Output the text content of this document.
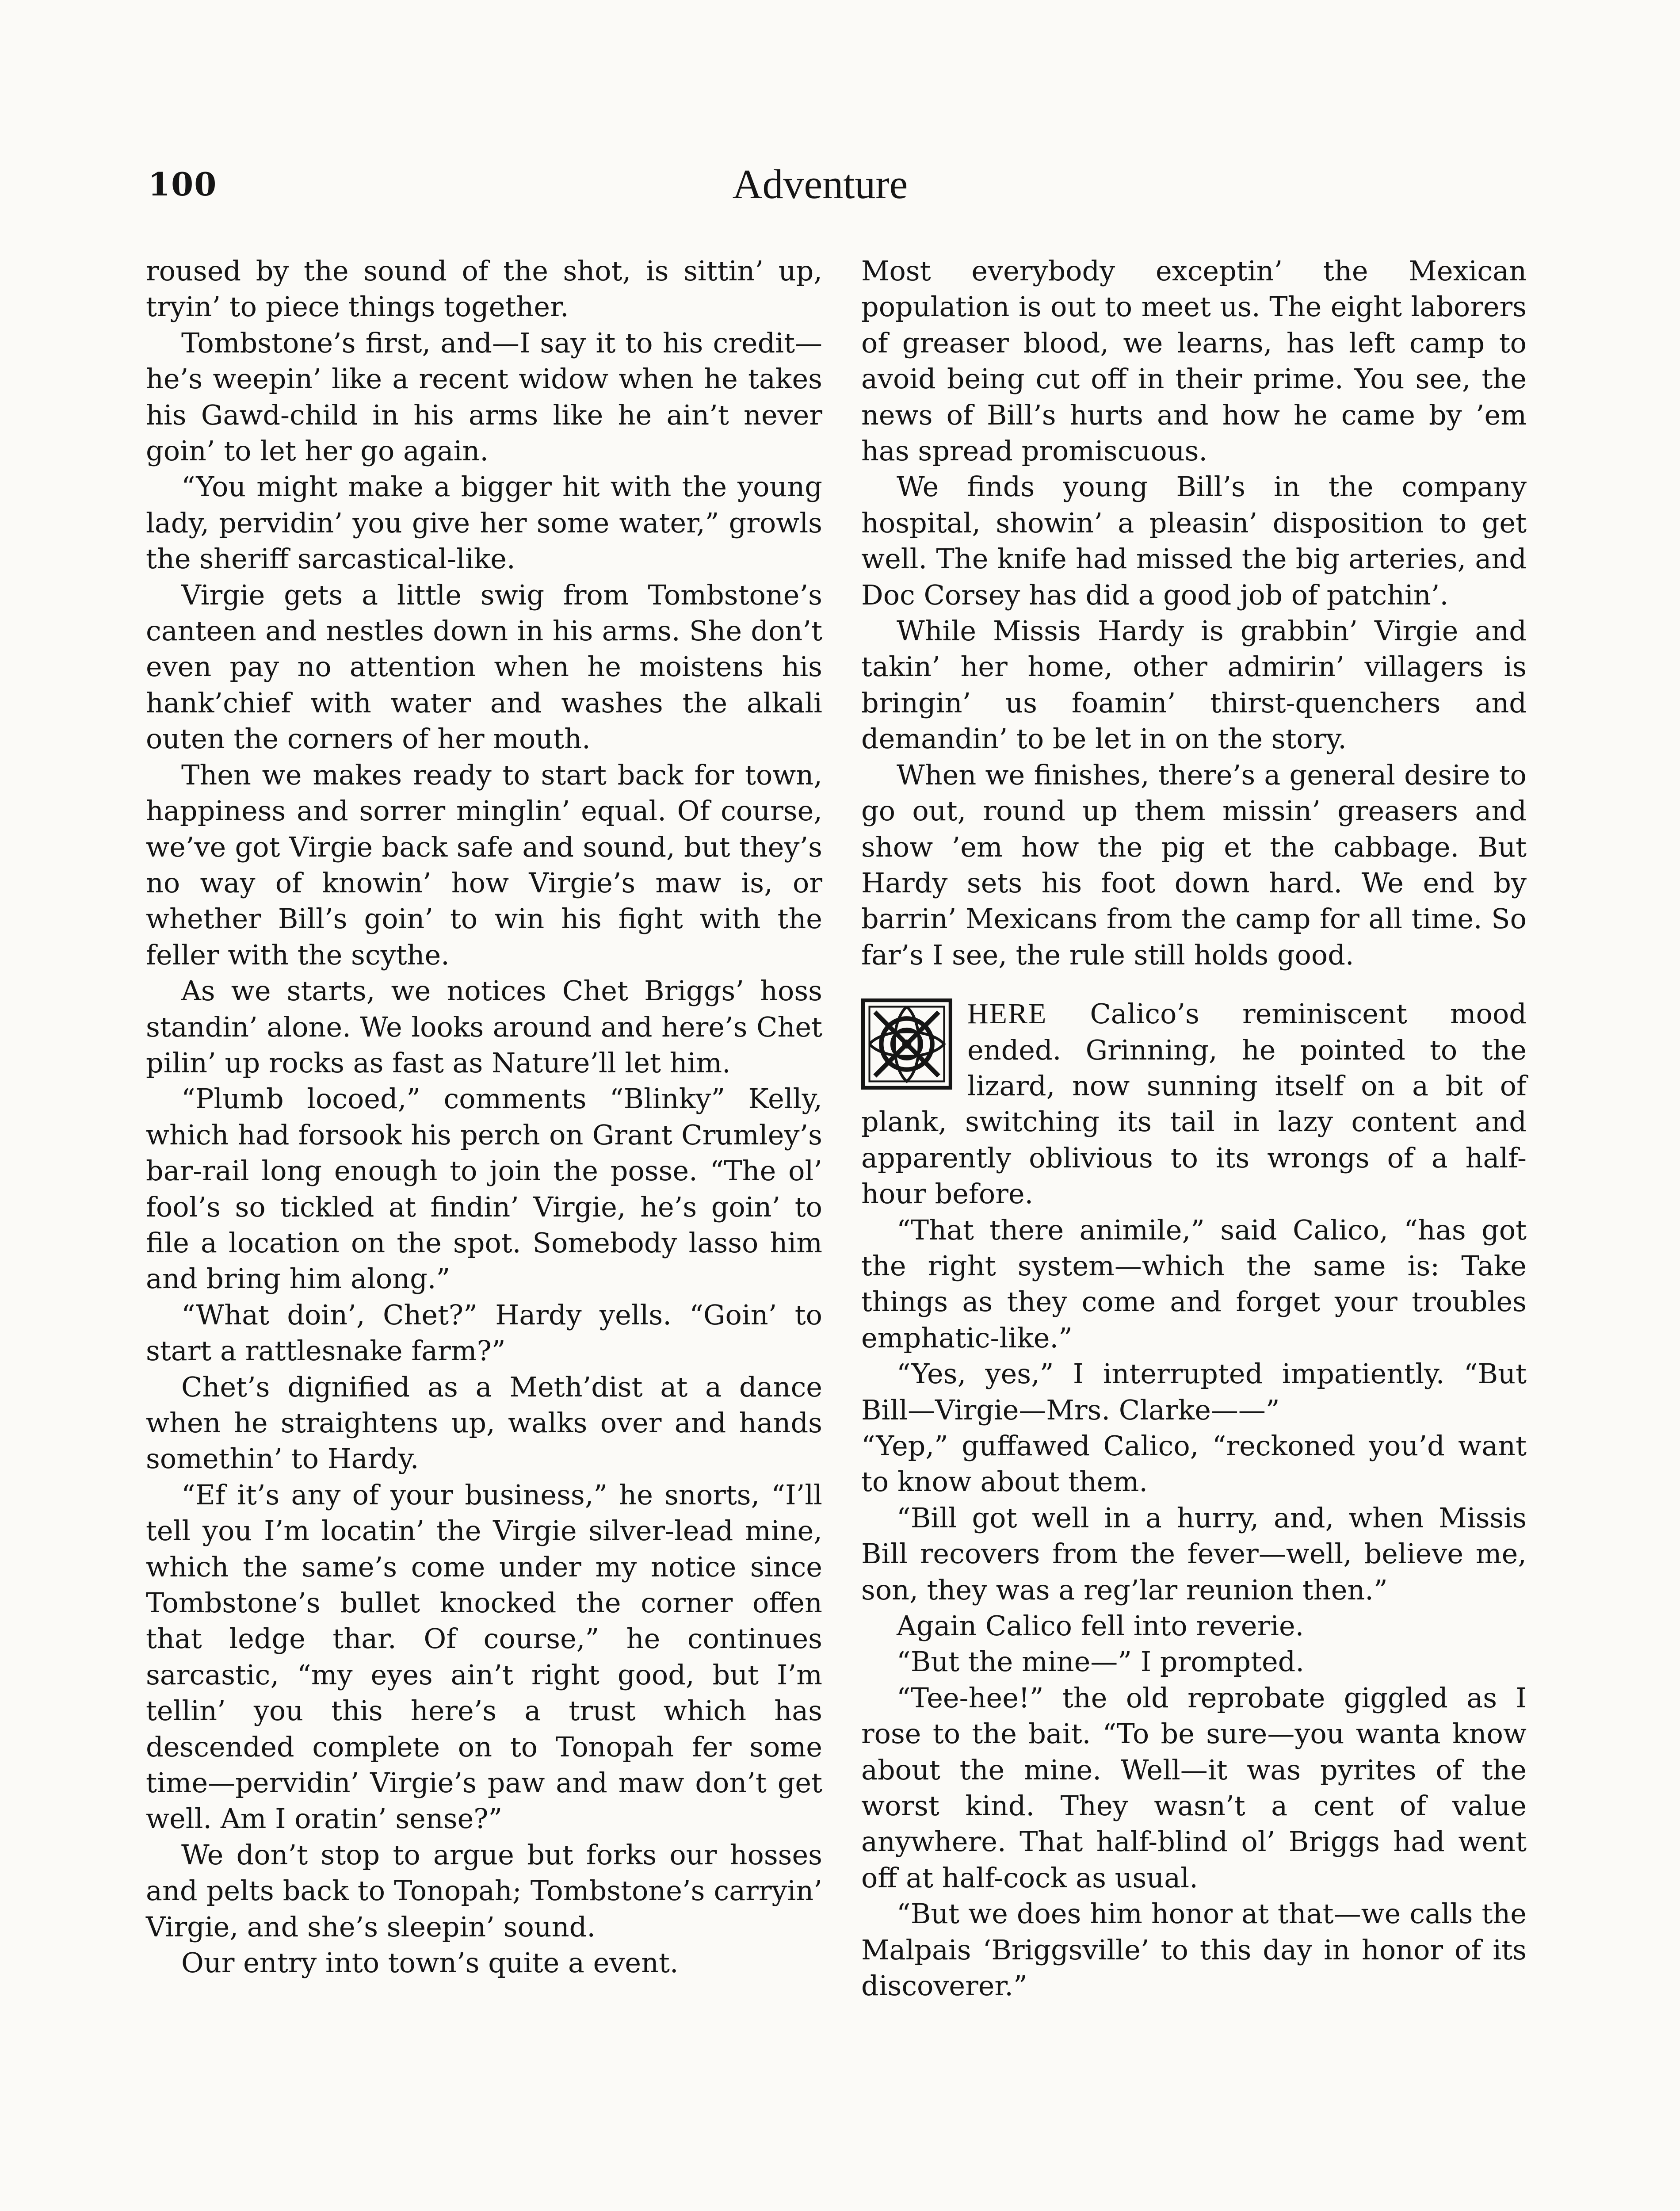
100	Adventure

roused by the sound of the shot, is sittin’ up, tryin’ to piece things together.

Tombstone’s first, and—I say it to his credit—he’s weepin’ like a recent widow when he takes his Gawd-child in his arms like he ain’t never goin’ to let her go again.

“You might make a bigger hit with the young lady, pervidin’ you give her some water,” growls the sheriff sarcastical-like.

Virgie gets a little swig from Tombstone’s canteen and nestles down in his arms. She don’t even pay no attention when he moistens his hank’chief with water and washes the alkali outen the corners of her mouth.

Then we makes ready to start back for town, happiness and sorrer minglin’ equal. Of course, we’ve got Virgie back safe and sound, but they’s no way of knowin’ how Virgie’s maw is, or whether Bill’s goin’ to win his fight with the feller with the scythe.

As we starts, we notices Chet Briggs’ hoss standin’ alone. We looks around and here’s Chet pilin’ up rocks as fast as Nature’ll let him.

“Plumb locoed,” comments “Blinky” Kelly, which had forsook his perch on Grant Crumley’s bar-rail long enough to join the posse. “The ol’ fool’s so tickled at findin’ Virgie, he’s goin’ to file a location on the spot. Somebody lasso him and bring him along.”

“What doin’, Chet?” Hardy yells. “Goin’ to start a rattlesnake farm?”

Chet’s dignified as a Meth’dist at a dance when he straightens up, walks over and hands somethin’ to Hardy.

“Ef it’s any of your business,” he snorts, “I’ll tell you I’m locatin’ the Virgie silver-lead mine, which the same’s come under my notice since Tombstone’s bullet knocked the corner offen that ledge thar. Of course,” he continues sarcastic, “my eyes ain’t right good, but I’m tellin’ you this here’s a trust which has descended complete on to Tonopah fer some time—pervidin’ Virgie’s paw and maw don’t get well. Am I oratin’ sense?”

We don’t stop to argue but forks our hosses and pelts back to Tonopah; Tombstone’s carryin’ Virgie, and she’s sleepin’ sound.

Our entry into town’s quite a event.

Most everybody exceptin’ the Mexican population is out to meet us. The eight laborers of greaser blood, we learns, has left camp to avoid being cut off in their prime. You see, the news of Bill’s hurts and how he came by ’em has spread promiscuous.

We finds young Bill’s in the company hospital, showin’ a pleasin’ disposition to get well. The knife had missed the big arteries, and Doc Corsey has did a good job of patchin’.

While Missis Hardy is grabbin’ Virgie and takin’ her home, other admirin’ villagers is bringin’ us foamin’ thirst-quenchers and demandin’ to be let in on the story.

When we finishes, there’s a general desire to go out, round up them missin’ greasers and show ’em how the pig et the cabbage. But Hardy sets his foot down hard. We end by barrin’ Mexicans from the camp for all time. So far’s I see, the rule still holds good.

HERE Calico’s reminiscent mood ended. Grinning, he pointed to the lizard, now sunning itself on a bit of plank, switching its tail in lazy content and apparently oblivious to its wrongs of a half-hour before.

“That there animile,” said Calico, “has got the right system—which the same is: Take things as they come and forget your troubles emphatic-like.”

“Yes, yes,” I interrupted impatiently. “But Bill—Virgie—Mrs. Clarke——”

“Yep,” guffawed Calico, “reckoned you’d want to know about them.

“Bill got well in a hurry, and, when Missis Bill recovers from the fever—well, believe me, son, they was a reg’lar reunion then.”

Again Calico fell into reverie.

“But the mine—” I prompted.

“Tee-hee!” the old reprobate giggled as I rose to the bait. “To be sure—you wanta know about the mine. Well—it was pyrites of the worst kind. They wasn’t a cent of value anywhere. That half-blind ol’ Briggs had went off at half-cock as usual.

“But we does him honor at that—we calls the Malpais ‘Briggsville’ to this day in honor of its discoverer.”
